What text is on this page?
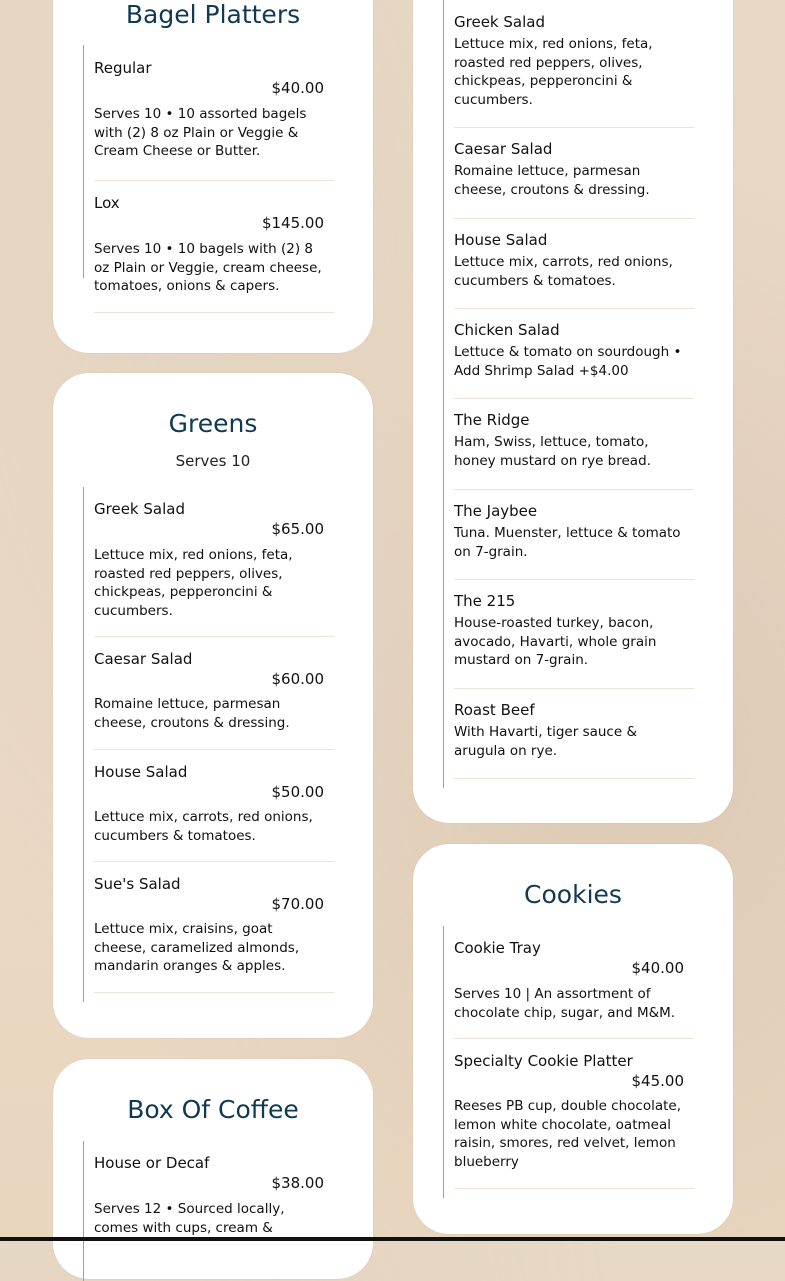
Bagel Platters
Regular
$40.00
Serves 10 • 10 assorted bagels with (2) 8 oz Plain or Veggie & Cream Cheese or Butter.
Lox
$145.00
Serves 10 • 10 bagels with (2) 8 oz Plain or Veggie, cream cheese, tomatoes, onions & capers.
Greens
Serves 10
Greek Salad
$65.00
Lettuce mix, red onions, feta, roasted red peppers, olives, chickpeas, pepperoncini & cucumbers.
Caesar Salad
$60.00
Romaine lettuce, parmesan cheese, croutons & dressing.
House Salad
$50.00
Lettuce mix, carrots, red onions, cucumbers & tomatoes.
Sue's Salad
$70.00
Lettuce mix, craisins, goat cheese, caramelized almonds, mandarin oranges & apples.
Box Of Coffee
House or Decaf
$38.00
Serves 12 • Sourced locally, comes with cups, cream &
Greek Salad
Lettuce mix, red onions, feta, roasted red peppers, olives, chickpeas, pepperoncini & cucumbers.
Caesar Salad
Romaine lettuce, parmesan cheese, croutons & dressing.
House Salad
Lettuce mix, carrots, red onions, cucumbers & tomatoes.
Chicken Salad
Lettuce & tomato on sourdough • Add Shrimp Salad +$4.00
The Ridge
Ham, Swiss, lettuce, tomato, honey mustard on rye bread.
The Jaybee
Tuna. Muenster, lettuce & tomato on 7-grain.
The 215
House-roasted turkey, bacon, avocado, Havarti, whole grain mustard on 7-grain.
Roast Beef
With Havarti, tiger sauce & arugula on rye.
Cookies
Cookie Tray
$40.00
Serves 10 | An assortment of chocolate chip, sugar, and M&M.
Specialty Cookie Platter
$45.00
Reeses PB cup, double chocolate, lemon white chocolate, oatmeal raisin, smores, red velvet, lemon blueberry
